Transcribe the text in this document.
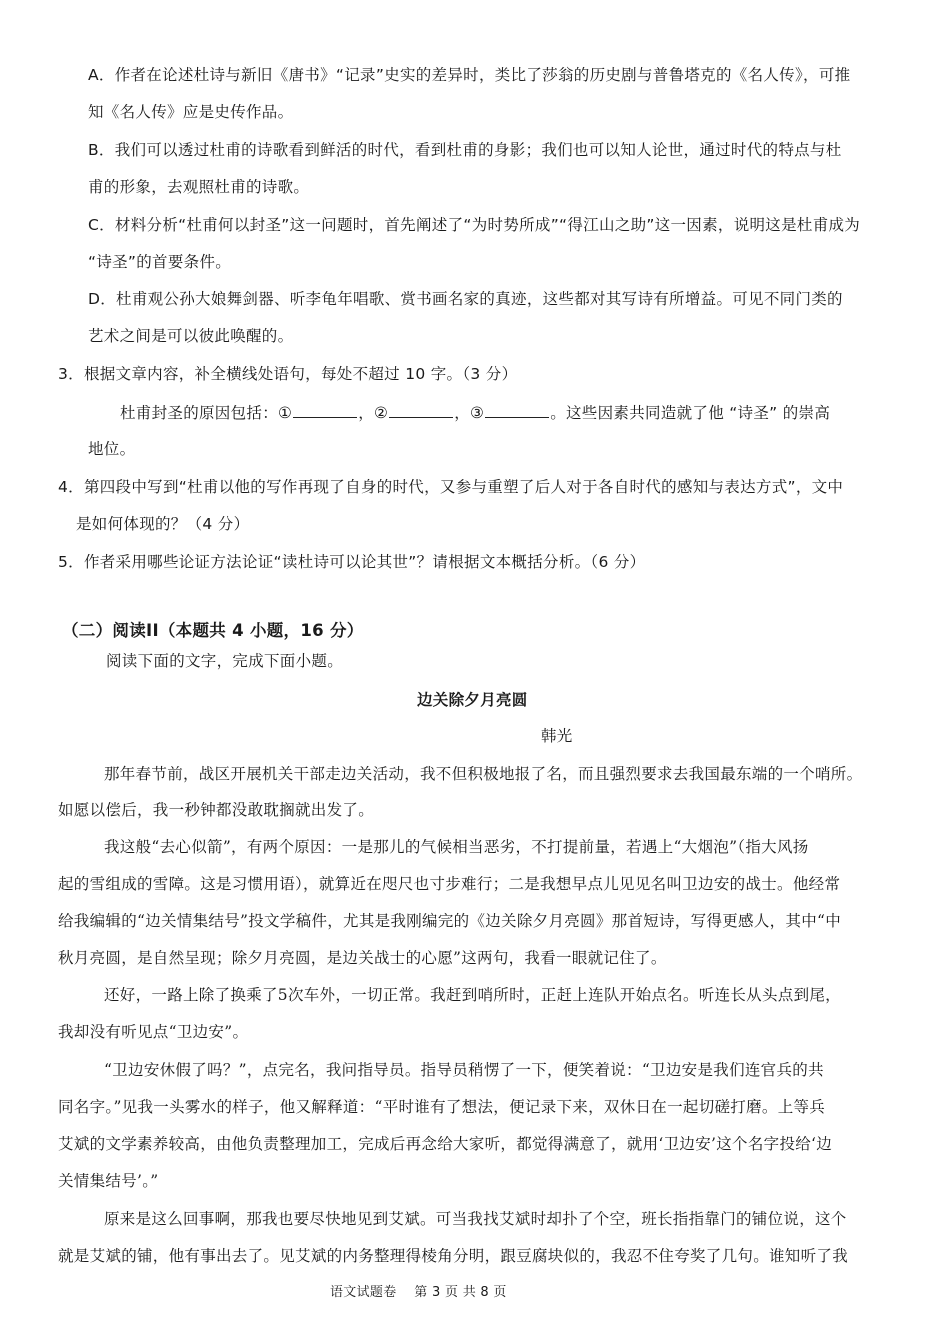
A．作者在论述杜诗与新旧《唐书》“记录”史实的差异时，类比了莎翁的历史剧与普鲁塔克的《名人传》，可推
知《名人传》应是史传作品。
B．我们可以透过杜甫的诗歌看到鲜活的时代，看到杜甫的身影；我们也可以知人论世，通过时代的特点与杜
甫的形象，去观照杜甫的诗歌。
C．材料分析“杜甫何以封圣”这一问题时，首先阐述了“为时势所成”“得江山之助”这一因素，说明这是杜甫成为
“诗圣”的首要条件。
D．杜甫观公孙大娘舞剑器、听李龟年唱歌、赏书画名家的真迹，这些都对其写诗有所增益。可见不同门类的
艺术之间是可以彼此唤醒的。
3．根据文章内容，补全横线处语句，每处不超过 10 字。（3 分）
杜甫封圣的原因包括：①	，②	，③	。这些因素共同造就了他 “诗圣” 的崇高
地位。
4．第四段中写到“杜甫以他的写作再现了自身的时代，又参与重塑了后人对于各自时代的感知与表达方式”，文中
是如何体现的？（4 分）
5．作者采用哪些论证方法论证“读杜诗可以论其世”？请根据文本概括分析。（6 分）
（二）阅读II（本题共 4 小题，16 分）
阅读下面的文字，完成下面小题。
边关除夕月亮圆
韩光
那年春节前，战区开展机关干部走边关活动，我不但积极地报了名，而且强烈要求去我国最东端的一个哨所。
如愿以偿后，我一秒钟都没敢耽搁就出发了。
我这般“去心似箭”，有两个原因：一是那儿的气候相当恶劣，不打提前量，若遇上“大烟泡”（指大风扬
起的雪组成的雪障。这是习惯用语），就算近在咫尺也寸步难行；二是我想早点儿见见名叫卫边安的战士。他经常
给我编辑的“边关情集结号”投文学稿件，尤其是我刚编完的《边关除夕月亮圆》那首短诗，写得更感人，其中“中
秋月亮圆，是自然呈现；除夕月亮圆，是边关战士的心愿”这两句，我看一眼就记住了。
还好，一路上除了换乘了5次车外，一切正常。我赶到哨所时，正赶上连队开始点名。听连长从头点到尾，
我却没有听见点“卫边安”。
“卫边安休假了吗？”，点完名，我问指导员。指导员稍愣了一下，便笑着说：“卫边安是我们连官兵的共
同名字。”见我一头雾水的样子，他又解释道：“平时谁有了想法，便记录下来，双休日在一起切磋打磨。上等兵
艾斌的文学素养较高，由他负责整理加工，完成后再念给大家听，都觉得满意了，就用‘卫边安’这个名字投给‘边
关情集结号’。”
原来是这么回事啊，那我也要尽快地见到艾斌。可当我找艾斌时却扑了个空，班长指指靠门的铺位说，这个
就是艾斌的铺，他有事出去了。见艾斌的内务整理得棱角分明，跟豆腐块似的，我忍不住夸奖了几句。谁知听了我
语文试题卷    第 3 页 共 8 页
